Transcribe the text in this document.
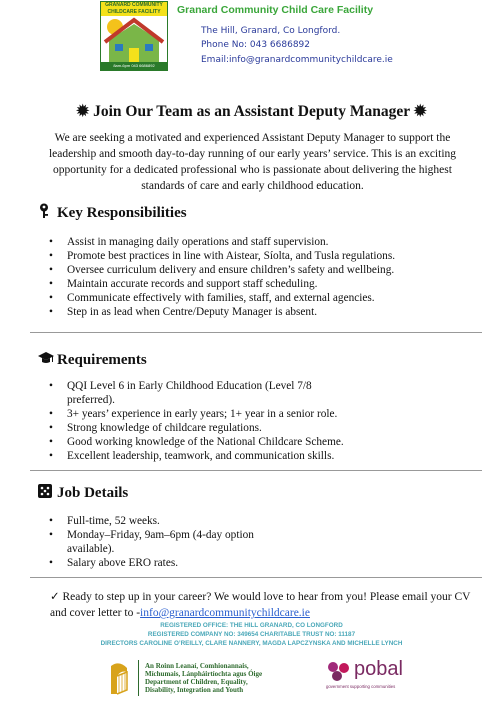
GRANARD COMMUNITY CHILDCARE FACILITY
8am-6pm 043 6686892
Granard Community Child Care Facility
The Hill, Granard, Co Longford.
Phone No: 043 6686892
Email:info@granardcommunitychildcare.ie
✹ Join Our Team as an Assistant Deputy Manager ✹
We are seeking a motivated and experienced Assistant Deputy Manager to support the leadership and smooth day-to-day running of our early years’ service. This is an exciting opportunity for a dedicated professional who is passionate about delivering the highest standards of care and early childhood education.
Key Responsibilities
• Assist in managing daily operations and staff supervision.
• Promote best practices in line with Aistear, Síolta, and Tusla regulations.
• Oversee curriculum delivery and ensure children’s safety and wellbeing.
• Maintain accurate records and support staff scheduling.
• Communicate effectively with families, staff, and external agencies.
• Step in as lead when Centre/Deputy Manager is absent.
Requirements
• QQI Level 6 in Early Childhood Education (Level 7/8 preferred).
• 3+ years’ experience in early years; 1+ year in a senior role.
• Strong knowledge of childcare regulations.
• Good working knowledge of the National Childcare Scheme.
• Excellent leadership, teamwork, and communication skills.
Job Details
• Full-time, 52 weeks.
• Monday–Friday, 9am–6pm (4-day option available).
• Salary above ERO rates.
✓ Ready to step up in your career? We would love to hear from you! Please email your CV and cover letter to -info@granardcommunitychildcare.ie
REGISTERED OFFICE: THE HILL GRANARD, CO LONGFORD
REGISTERED COMPANY NO: 349654 CHARITABLE TRUST NO: 11187
DIRECTORS CAROLINE O’REILLY, CLARE NANNERY, MAGDA LAPCZYNSKA AND MICHELLE LYNCH
An Roinn Leanaí, Comhionannais,
Míchumais, Lánpháirtíochta agus Óige
Department of Children, Equality,
Disability, Integration and Youth
pobal
government supporting communities
